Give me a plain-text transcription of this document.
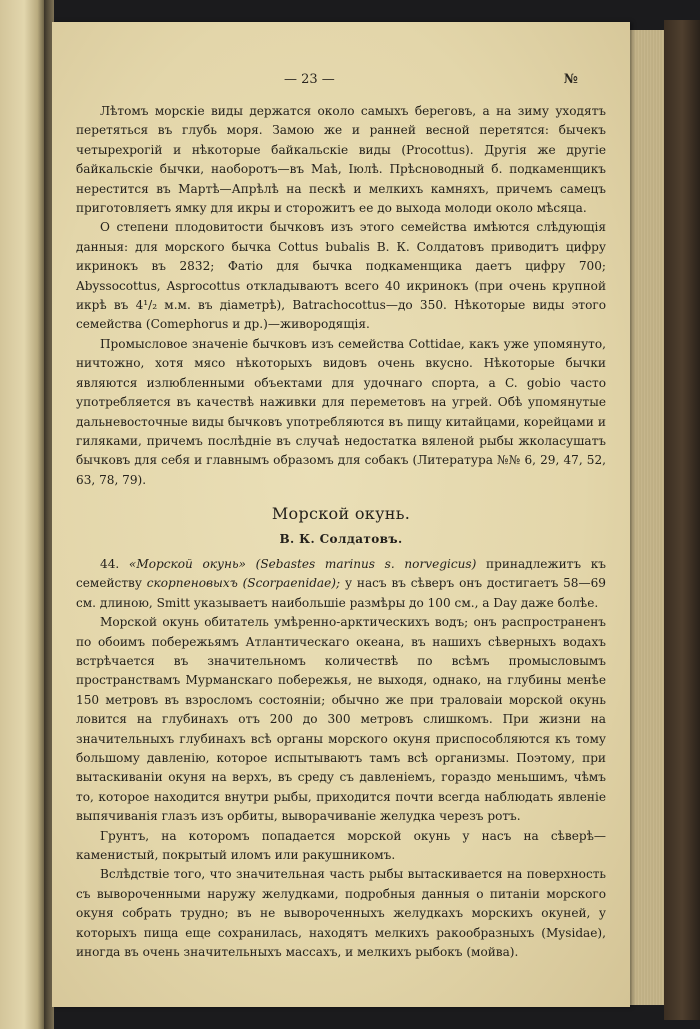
— 23 —	№

Лѣтомъ морскіе виды держатся около самыхъ береговъ, а на зиму уходятъ перетяться въ глубь моря. Замою же и ранней весной перетятся: бычекъ четырехрогій и нѣкоторые байкальскіе виды (Procottus). Другія же другіе байкальскіе бычки, наоборотъ—въ Маѣ, Іюлѣ. Прѣсноводный б. подкаменщикъ нерестится въ Мартѣ—Апрѣлѣ на пескѣ и мелкихъ камняхъ, причемъ самецъ приготовляетъ ямку для икры и сторожитъ ее до выхода молоди около мѣсяца.

О степени плодовитости бычковъ изъ этого семейства имѣются слѣдующія данныя: для морского бычка Cottus bubalis В. К. Солдатовъ приводитъ цифру икринокъ въ 2832; Фатіо для бычка подкаменщика даетъ цифру 700; Abyssocottus, Asprocottus откладываютъ всего 40 икринокъ (при очень крупной икрѣ въ 4¹/₂ м.м. въ діаметрѣ), Batrachocottus—до 350. Нѣкоторые виды этого семейства (Comephorus и др.)—живородящія.

Промысловое значеніе бычковъ изъ семейства Cottidae, какъ уже упомянуто, ничтожно, хотя мясо нѣкоторыхъ видовъ очень вкусно. Нѣкоторые бычки являются излюбленными объектами для удочнаго спорта, а C. gobio часто употребляется въ качествѣ наживки для переметовъ на угрей. Обѣ упомянутые дальневосточные виды бычковъ употребляются въ пищу китайцами, корейцами и гиляками, причемъ послѣдніе въ случаѣ недостатка вяленой рыбы жколасушатъ бычковъ для себя и главнымъ образомъ для собакъ (Литература №№ 6, 29, 47, 52, 63, 78, 79).

Морской окунь.
В. К. Солдатовъ.

44. «Морской окунь» (Sebastes marinus s. norvegicus) принадлежитъ къ семейству скорпеновыхъ (Scorpaenidae); у насъ въ сѣверъ онъ достигаетъ 58—69 см. длиною, Smitt указываетъ наибольшіе размѣры до 100 см., а Day даже болѣе.

Морской окунь обитатель умѣренно-арктическихъ водъ; онъ распространенъ по обоимъ побережьямъ Атлантическаго океана, въ нашихъ сѣверныхъ водахъ встрѣчается въ значительномъ количествѣ по всѣмъ промысловымъ пространствамъ Мурманскаго побережья, не выходя, однако, на глубины менѣе 150 метровъ въ взросломъ состояніи; обычно же при траловаіи морской окунь ловится на глубинахъ отъ 200 до 300 метровъ слишкомъ. При жизни на значительныхъ глубинахъ всѣ органы морского окуня приспособляются къ тому большому давленію, которое испытываютъ тамъ всѣ организмы. Поэтому, при вытаскиваніи окуня на верхъ, въ среду съ давленіемъ, гораздо меньшимъ, чѣмъ то, которое находится внутри рыбы, приходится почти всегда наблюдать явленіе выпячиванія глазъ изъ орбиты, выворачиваніе желудка черезъ ротъ.

Грунтъ, на которомъ попадается морской окунь у насъ на сѣверѣ—каменистый, покрытый иломъ или ракушникомъ.

Вслѣдствіе того, что значительная часть рыбы вытаскивается на поверхность съ вывороченными наружу желудками, подробныя данныя о питаніи морского окуня собрать трудно; въ не вывороченныхъ желудкахъ морскихъ окуней, у которыхъ пища еще сохранилась, находятъ мелкихъ ракообразныхъ (Mysidae), иногда въ очень значительныхъ массахъ, и мелкихъ рыбокъ (мойва).
